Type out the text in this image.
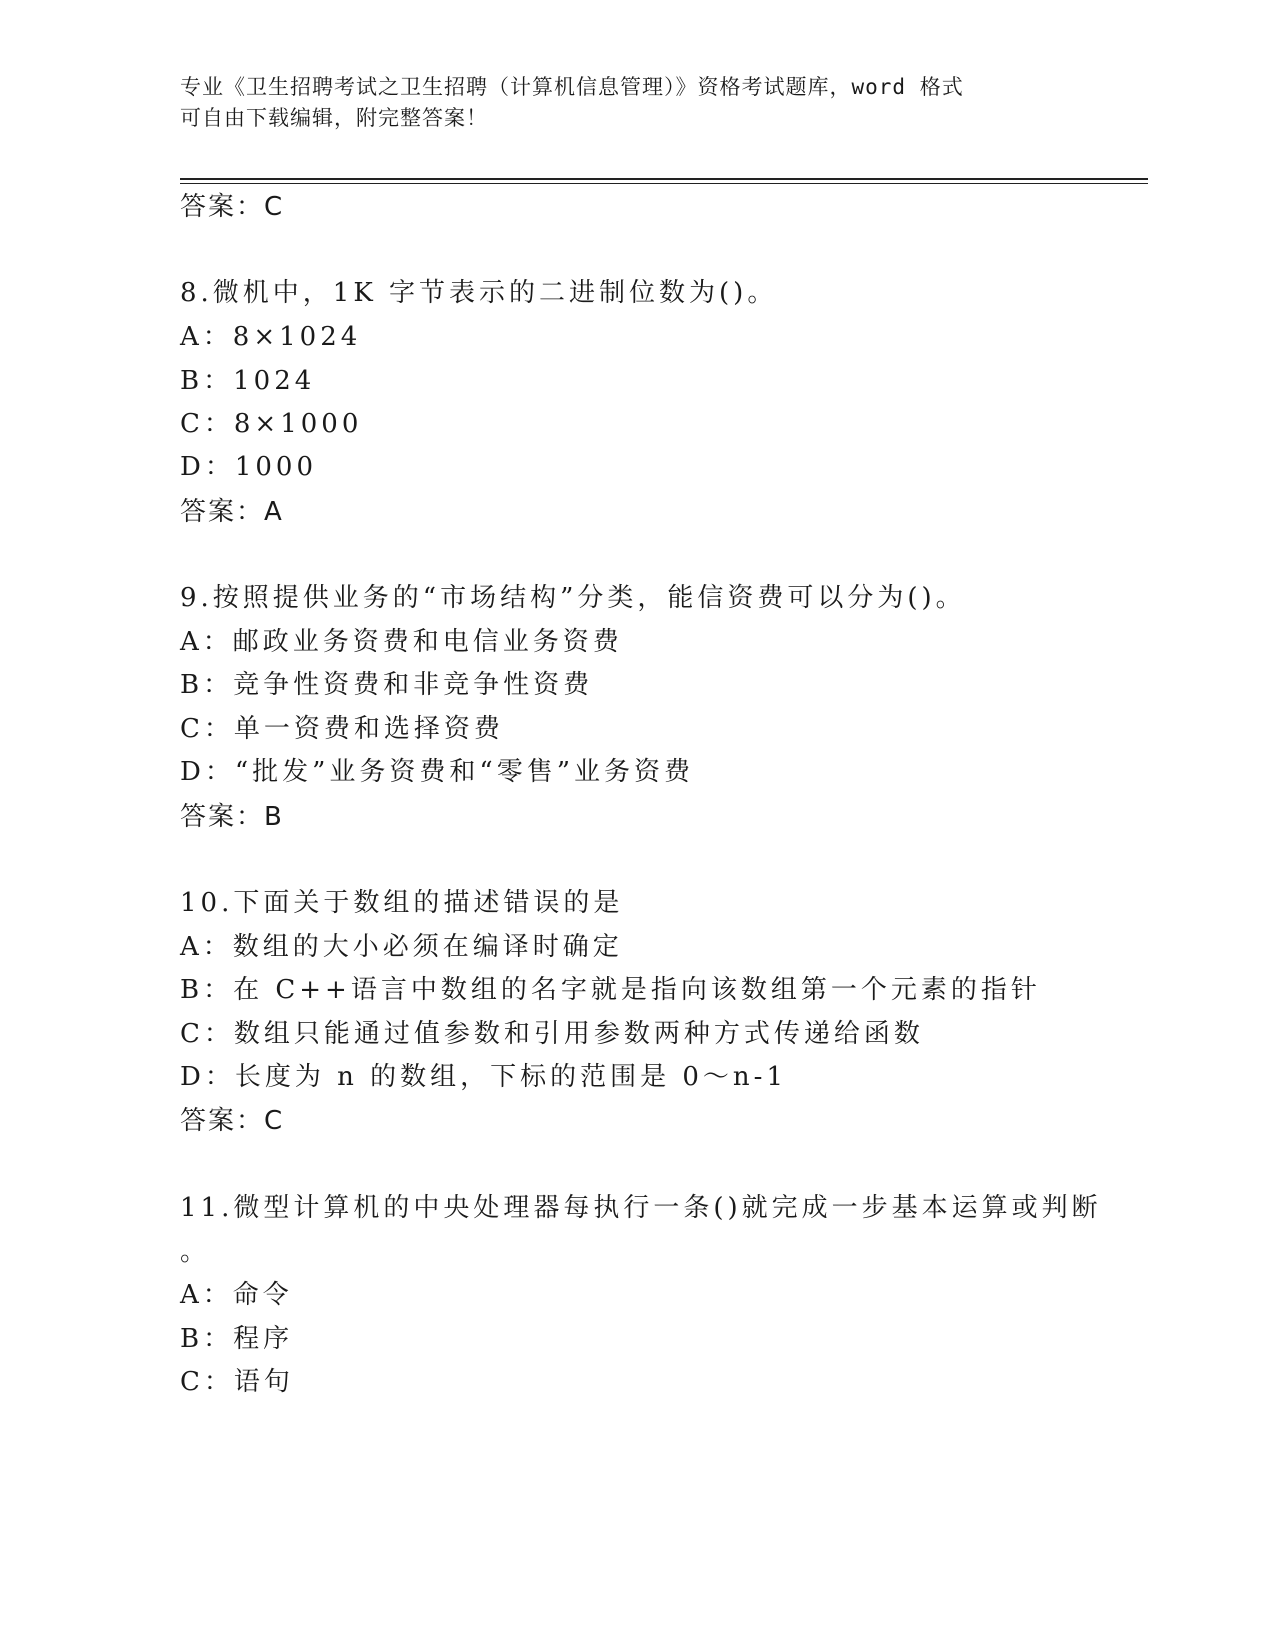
专业《卫生招聘考试之卫生招聘（计算机信息管理）》资格考试题库，word 格式
可自由下载编辑，附完整答案！
答案：C
8.微机中，1K 字节表示的二进制位数为()。
A：8×1024
B：1024
C：8×1000
D：1000
答案：A
9.按照提供业务的“市场结构”分类，能信资费可以分为()。
A：邮政业务资费和电信业务资费
B：竞争性资费和非竞争性资费
C：单一资费和选择资费
D：“批发”业务资费和“零售”业务资费
答案：B
10.下面关于数组的描述错误的是
A：数组的大小必须在编译时确定
B：在 C++语言中数组的名字就是指向该数组第一个元素的指针
C：数组只能通过值参数和引用参数两种方式传递给函数
D：长度为 n 的数组，下标的范围是 0～n-1
答案：C
11.微型计算机的中央处理器每执行一条()就完成一步基本运算或判断
。
A：命令
B：程序
C：语句
